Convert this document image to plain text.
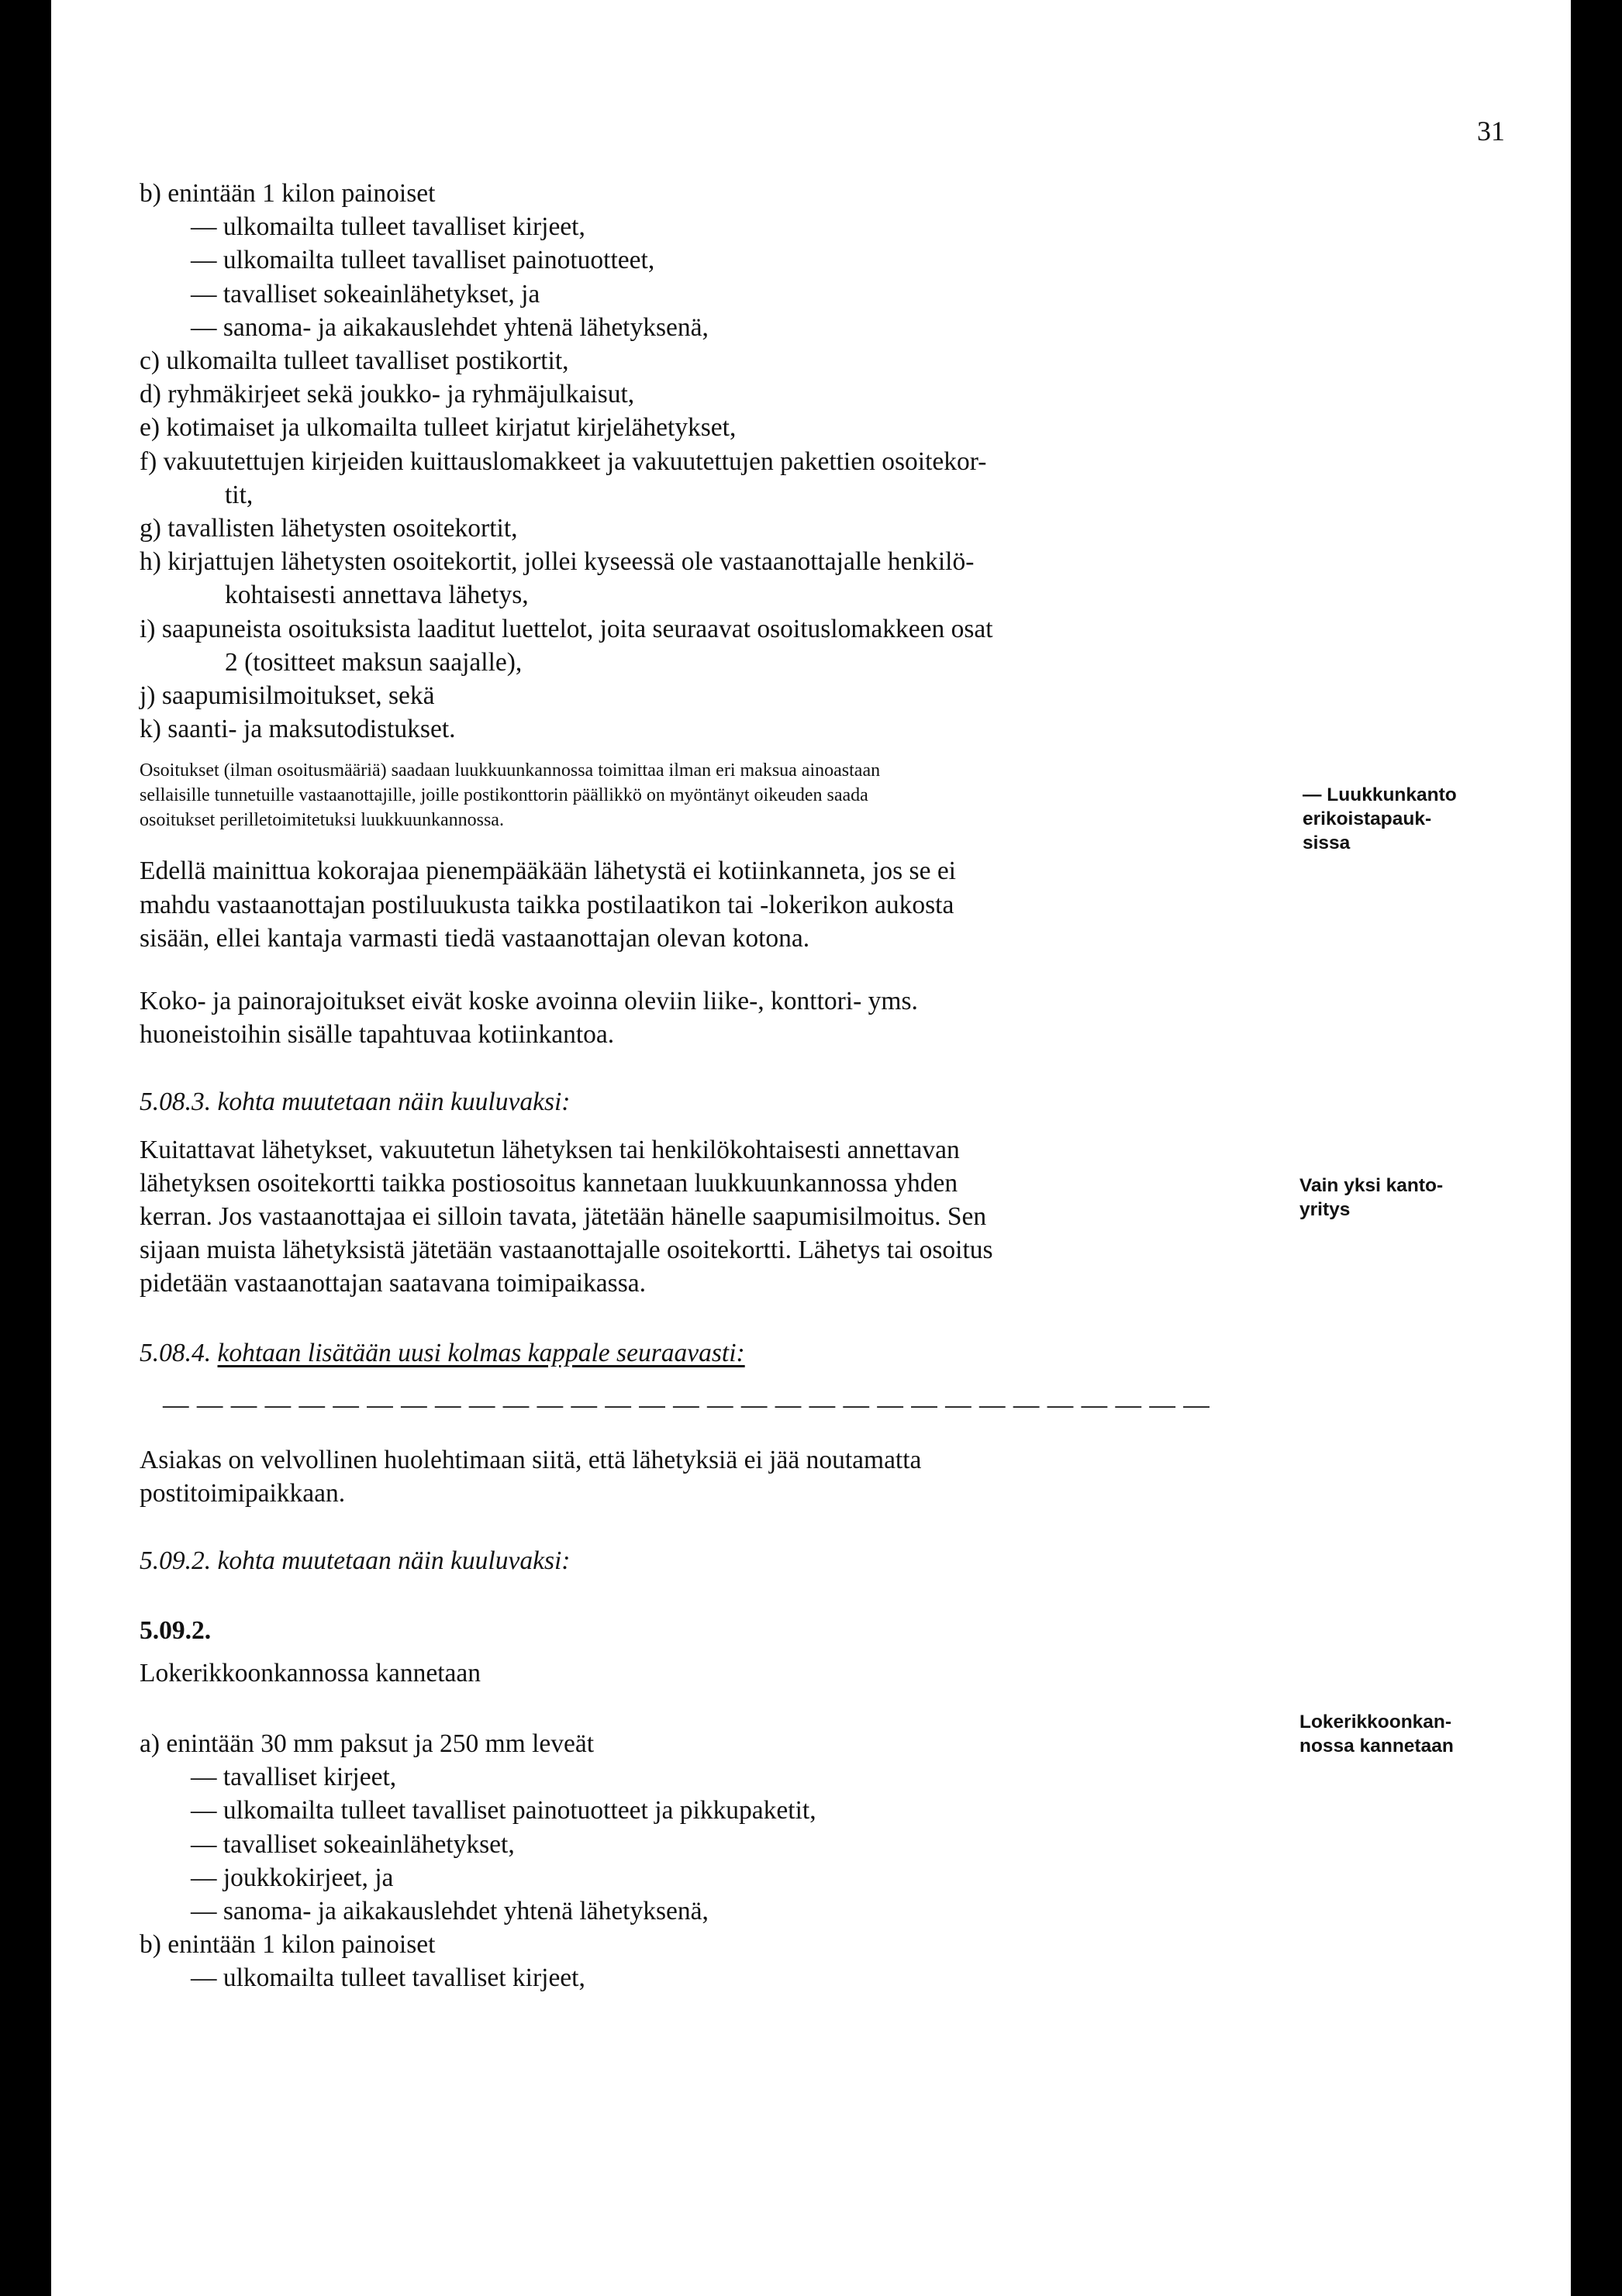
31
b) enintään 1 kilon painoiset
— ulkomailta tulleet tavalliset kirjeet,
— ulkomailta tulleet tavalliset painotuotteet,
— tavalliset sokeainlähetykset, ja
— sanoma- ja aikakauslehdet yhtenä lähetyksenä,
c) ulkomailta tulleet tavalliset postikortit,
d) ryhmäkirjeet sekä joukko- ja ryhmäjulkaisut,
e) kotimaiset ja ulkomailta tulleet kirjatut kirjelähetykset,
f) vakuutettujen kirjeiden kuittauslomakkeet ja vakuutettujen pakettien osoitekor-
tit,
g) tavallisten lähetysten osoitekortit,
h) kirjattujen lähetysten osoitekortit, jollei kyseessä ole vastaanottajalle henkilö-
kohtaisesti annettava lähetys,
i) saapuneista osoituksista laaditut luettelot, joita seuraavat osoituslomakkeen osat
2 (tositteet maksun saajalle),
j) saapumisilmoitukset, sekä
k) saanti- ja maksutodistukset.
Osoitukset (ilman osoitusmääriä) saadaan luukkuunkannossa toimittaa ilman eri maksua ainoastaan
sellaisille tunnetuille vastaanottajille, joille postikonttorin päällikkö on myöntänyt oikeuden saada
osoitukset perilletoimitetuksi luukkuunkannossa.
Edellä mainittua kokorajaa pienempääkään lähetystä ei kotiinkanneta, jos se ei
mahdu vastaanottajan postiluukusta taikka postilaatikon tai -lokerikon aukosta
sisään, ellei kantaja varmasti tiedä vastaanottajan olevan kotona.
Koko- ja painorajoitukset eivät koske avoinna oleviin liike-, konttori- yms.
huoneistoihin sisälle tapahtuvaa kotiinkantoa.
5.08.3. kohta muutetaan näin kuuluvaksi:
Kuitattavat lähetykset, vakuutetun lähetyksen tai henkilökohtaisesti annettavan
lähetyksen osoitekortti taikka postiosoitus kannetaan luukkuunkannossa yhden
kerran. Jos vastaanottajaa ei silloin tavata, jätetään hänelle saapumisilmoitus. Sen
sijaan muista lähetyksistä jätetään vastaanottajalle osoitekortti. Lähetys tai osoitus
pidetään vastaanottajan saatavana toimipaikassa.
5.08.4. kohtaan lisätään uusi kolmas kappale seuraavasti:
— — — — — — — — — — — — — — — — — — — — — — — — — — — — — — —
Asiakas on velvollinen huolehtimaan siitä, että lähetyksiä ei jää noutamatta
postitoimipaikkaan.
5.09.2. kohta muutetaan näin kuuluvaksi:
5.09.2.
Lokerikkoonkannossa kannetaan
a) enintään 30 mm paksut ja 250 mm leveät
— tavalliset kirjeet,
— ulkomailta tulleet tavalliset painotuotteet ja pikkupaketit,
— tavalliset sokeainlähetykset,
— joukkokirjeet, ja
— sanoma- ja aikakauslehdet yhtenä lähetyksenä,
b) enintään 1 kilon painoiset
— ulkomailta tulleet tavalliset kirjeet,
— Luukkunkanto
erikoistapauk-
sissa
Vain yksi kanto-
yritys
Lokerikkoonkan-
nossa kannetaan
